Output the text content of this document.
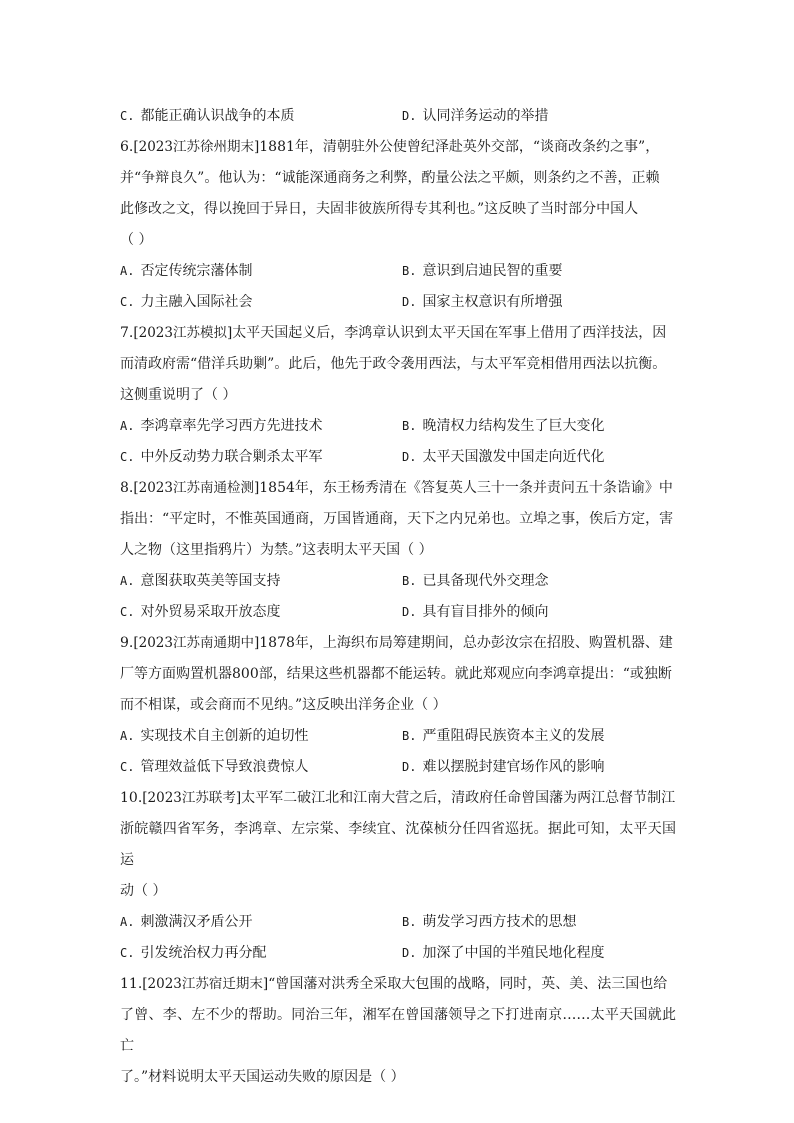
C. 都能正确认识战争的本质	D. 认同洋务运动的举措

6.[2023江苏徐州期末]1881年，清朝驻外公使曾纪泽赴英外交部，“谈商改条约之事”，
并“争辩良久”。他认为：“诚能深通商务之利弊，酌量公法之平颇，则条约之不善，正赖
此修改之文，得以挽回于异日，夫固非彼族所得专其利也。”这反映了当时部分中国人
（ ）

A. 否定传统宗藩体制	B. 意识到启迪民智的重要
C. 力主融入国际社会	D. 国家主权意识有所增强

7.[2023江苏模拟]太平天国起义后，李鸿章认识到太平天国在军事上借用了西洋技法，因
而清政府需“借洋兵助剿”。此后，他先于政令袭用西法，与太平军竞相借用西法以抗衡。
这侧重说明了（ ）

A. 李鸿章率先学习西方先进技术	B. 晚清权力结构发生了巨大变化
C. 中外反动势力联合剿杀太平军	D. 太平天国激发中国走向近代化

8.[2023江苏南通检测]1854年，东王杨秀清在《答复英人三十一条并责问五十条诰谕》中
指出：“平定时，不惟英国通商，万国皆通商，天下之内兄弟也。立埠之事，俟后方定，害
人之物（这里指鸦片）为禁。”这表明太平天国（ ）

A. 意图获取英美等国支持	B. 已具备现代外交理念
C. 对外贸易采取开放态度	D. 具有盲目排外的倾向

9.[2023江苏南通期中]1878年，上海织布局筹建期间，总办彭汝宗在招股、购置机器、建
厂等方面购置机器800部，结果这些机器都不能运转。就此郑观应向李鸿章提出：“或独断
而不相谋，或会商而不见纳。”这反映出洋务企业（ ）

A. 实现技术自主创新的迫切性	B. 严重阻碍民族资本主义的发展
C. 管理效益低下导致浪费惊人	D. 难以摆脱封建官场作风的影响

10.[2023江苏联考]太平军二破江北和江南大营之后，清政府任命曾国藩为两江总督节制江
浙皖赣四省军务，李鸿章、左宗棠、李续宜、沈葆桢分任四省巡抚。据此可知，太平天国运
动（ ）

A. 刺激满汉矛盾公开	B. 萌发学习西方技术的思想
C. 引发统治权力再分配	D. 加深了中国的半殖民地化程度

11.[2023江苏宿迁期末]“曾国藩对洪秀全采取大包围的战略，同时，英、美、法三国也给
了曾、李、左不少的帮助。同治三年，湘军在曾国藩领导之下打进南京……太平天国就此亡
了。”材料说明太平天国运动失败的原因是（ ）
